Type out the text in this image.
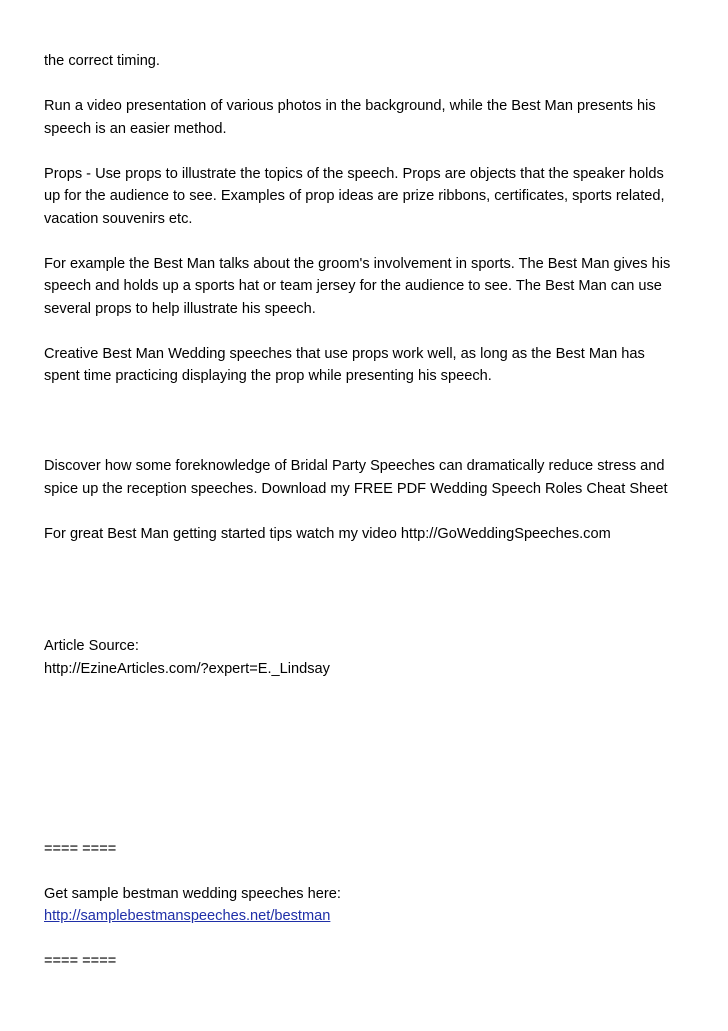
the correct timing.
Run a video presentation of various photos in the background, while the Best Man presents his
speech is an easier method.
Props - Use props to illustrate the topics of the speech. Props are objects that the speaker holds
up for the audience to see. Examples of prop ideas are prize ribbons, certificates, sports related,
vacation souvenirs etc.
For example the Best Man talks about the groom's involvement in sports. The Best Man gives his
speech and holds up a sports hat or team jersey for the audience to see. The Best Man can use
several props to help illustrate his speech.
Creative Best Man Wedding speeches that use props work well, as long as the Best Man has
spent time practicing displaying the prop while presenting his speech.
Discover how some foreknowledge of Bridal Party Speeches can dramatically reduce stress and
spice up the reception speeches. Download my FREE PDF Wedding Speech Roles Cheat Sheet
For great Best Man getting started tips watch my video http://GoWeddingSpeeches.com
Article Source:
http://EzineArticles.com/?expert=E._Lindsay
==== ====
Get sample bestman wedding speeches here:
http://samplebestmanspeeches.net/bestman
==== ====
